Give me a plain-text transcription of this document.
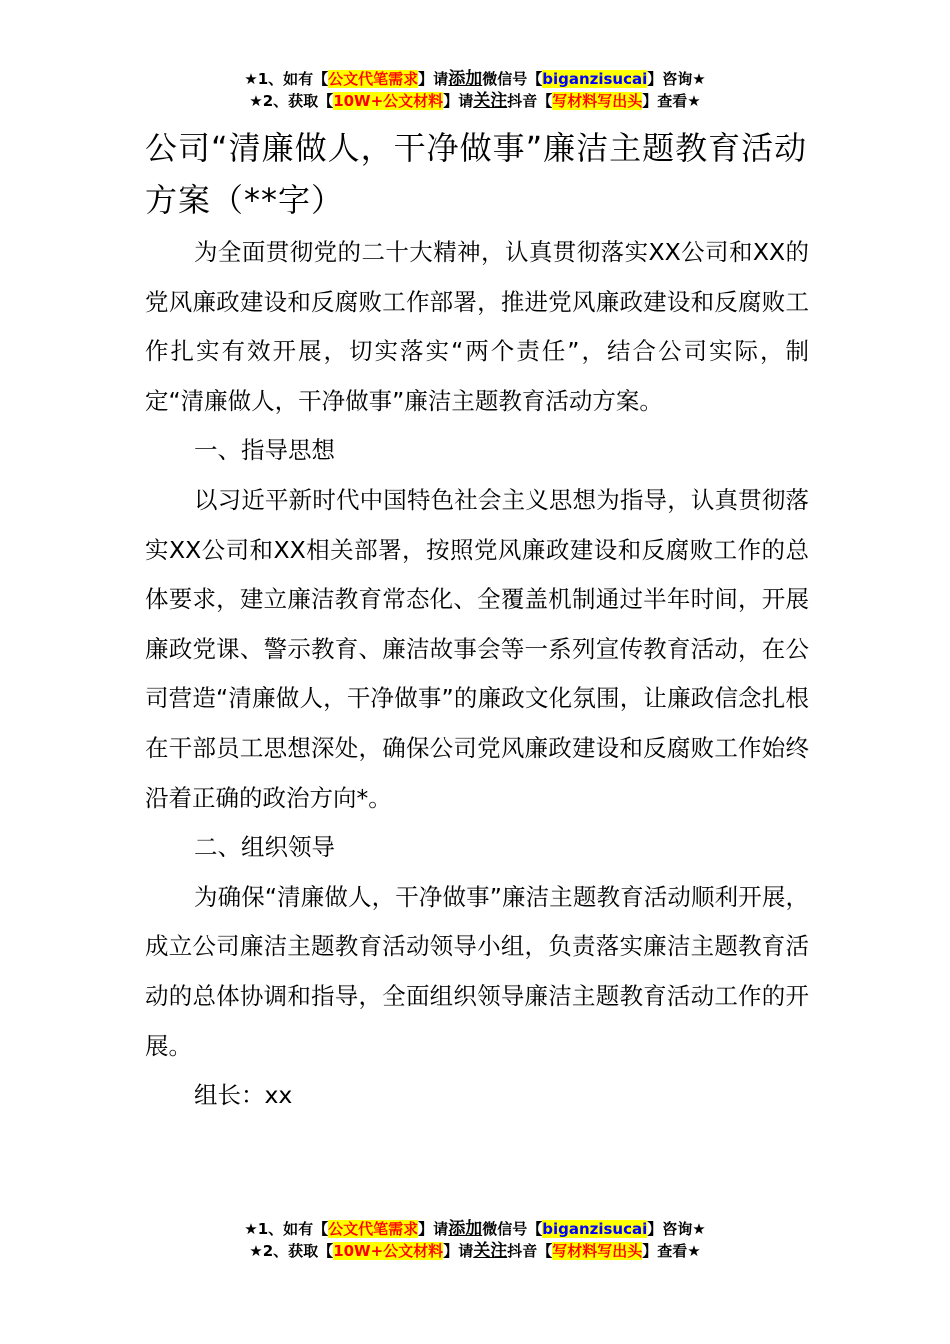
★1、如有【公文代笔需求】请添加微信号【biganzisucai】咨询★
★2、获取【10W+公文材料】请关注抖音【写材料写出头】查看★
公司“清廉做人，干净做事”廉洁主题教育活动方案（**字）

为全面贯彻党的二十大精神，认真贯彻落实XX公司和XX的党风廉政建设和反腐败工作部署，推进党风廉政建设和反腐败工作扎实有效开展，切实落实“两个责任”，结合公司实际，制定“清廉做人，干净做事”廉洁主题教育活动方案。

一、指导思想

以习近平新时代中国特色社会主义思想为指导，认真贯彻落实XX公司和XX相关部署，按照党风廉政建设和反腐败工作的总体要求，建立廉洁教育常态化、全覆盖机制通过半年时间，开展廉政党课、警示教育、廉洁故事会等一系列宣传教育活动，在公司营造“清廉做人，干净做事”的廉政文化氛围，让廉政信念扎根在干部员工思想深处，确保公司党风廉政建设和反腐败工作始终沿着正确的政治方向*。

二、组织领导

为确保“清廉做人，干净做事”廉洁主题教育活动顺利开展，成立公司廉洁主题教育活动领导小组，负责落实廉洁主题教育活动的总体协调和指导，全面组织领导廉洁主题教育活动工作的开展。

组长：xx

★1、如有【公文代笔需求】请添加微信号【biganzisucai】咨询★
★2、获取【10W+公文材料】请关注抖音【写材料写出头】查看★
